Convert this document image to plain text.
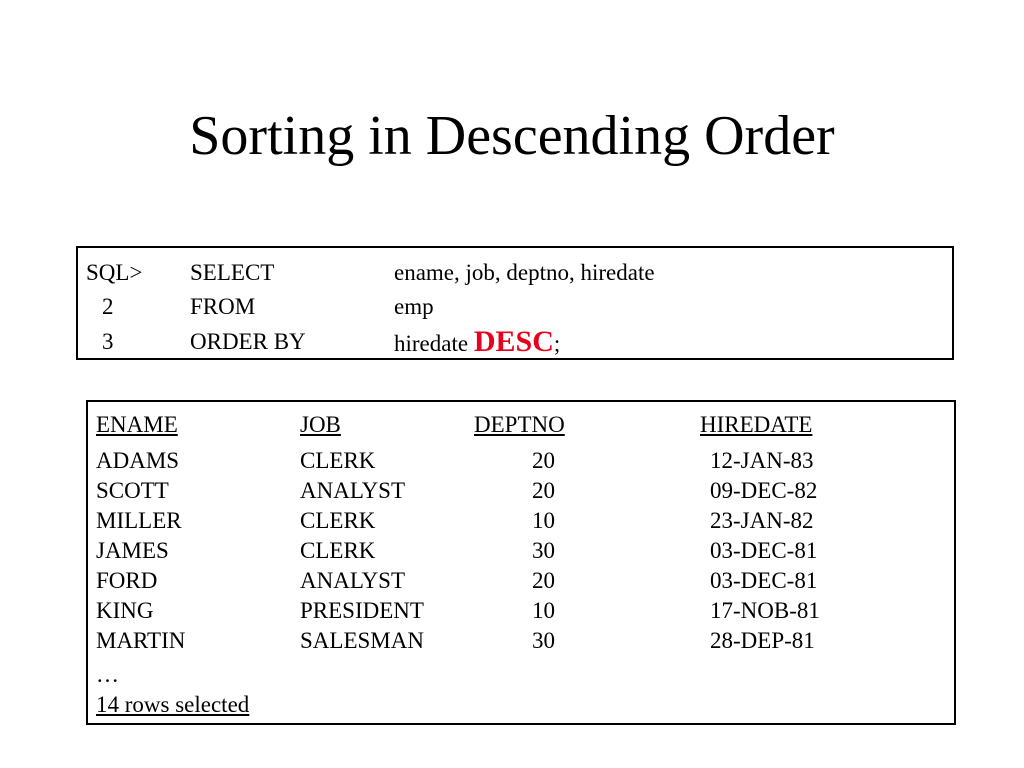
Sorting in Descending Order
SQL> SELECT	ename, job, deptno, hiredate
2	FROM	emp
3	ORDER BY	hiredate DESC;
ENAME	JOB	DEPTNO	HIREDATE
ADAMS	CLERK	20	12-JAN-83
SCOTT	ANALYST	20	09-DEC-82
MILLER	CLERK	10	23-JAN-82
JAMES	CLERK	30	03-DEC-81
FORD	ANALYST	20	03-DEC-81
KING	PRESIDENT	10	17-NOB-81
MARTIN	SALESMAN	30	28-DEP-81
…
14 rows selected
